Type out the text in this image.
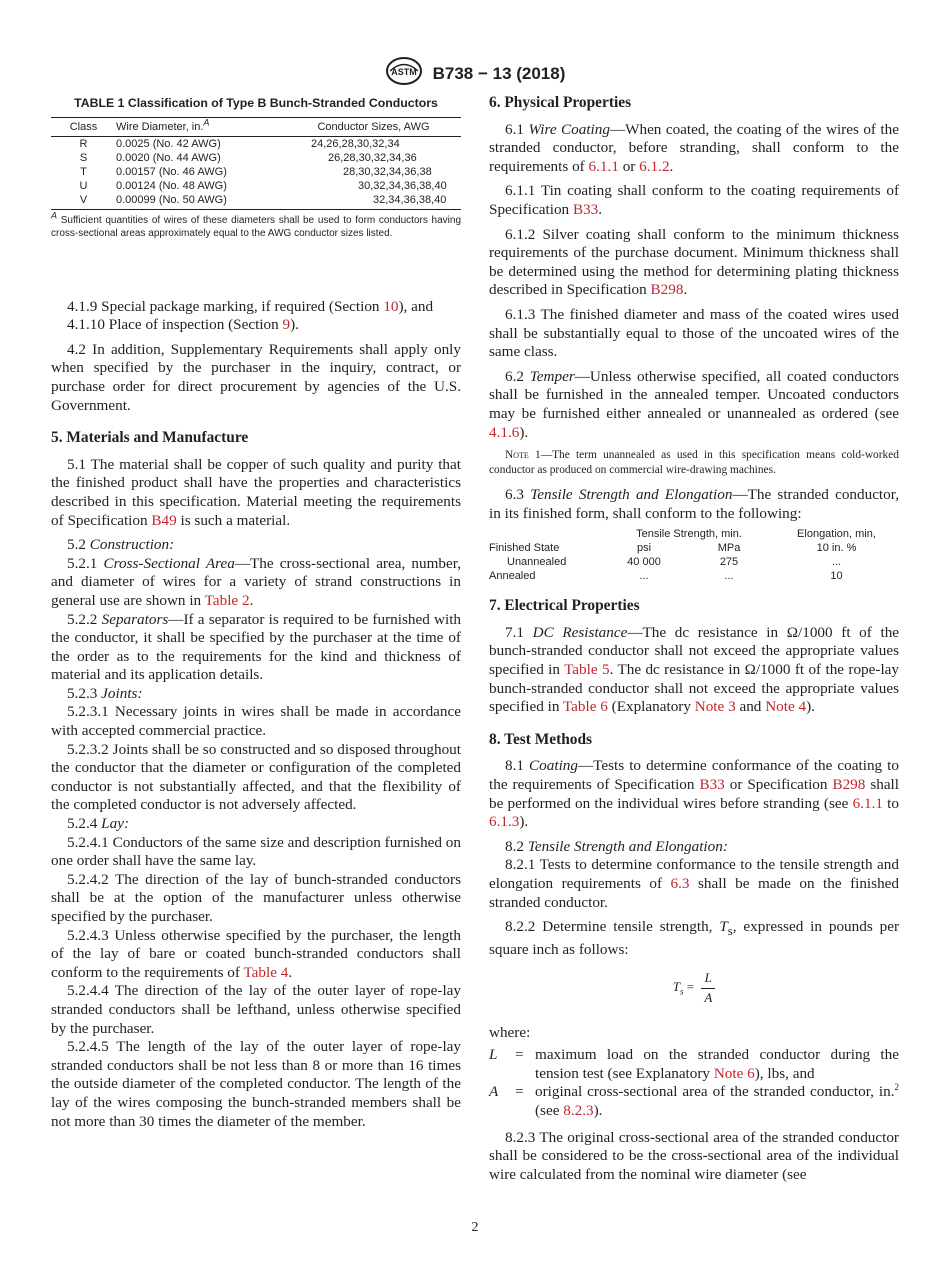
ASTM B738 − 13 (2018)
TABLE 1 Classification of Type B Bunch-Stranded Conductors
Class	Wire Diameter, in.$^A$	Conductor Sizes, AWG
R	0.0025 (No. 42 AWG)	24,26,28,30,32,34
S	0.0020 (No. 44 AWG)	26,28,30,32,34,36
T	0.00157 (No. 46 AWG)	28,30,32,34,36,38
U	0.00124 (No. 48 AWG)	30,32,34,36,38,40
V	0.00099 (No. 50 AWG)	32,34,36,38,40
$^A$ Sufficient quantities of wires of these diameters shall be used to form conductors having cross-sectional areas approximately equal to the AWG conductor sizes listed.

4.1.9 Special package marking, if required (Section 10), and

4.1.10 Place of inspection (Section 9).

4.2 In addition, Supplementary Requirements shall apply only when specified by the purchaser in the inquiry, contract, or purchase order for direct procurement by agencies of the U.S. Government.

5. Materials and Manufacture

5.1 The material shall be copper of such quality and purity that the finished product shall have the properties and characteristics described in this specification. Material meeting the requirements of Specification B49 is such a material.

5.2 Construction:

5.2.1 Cross-Sectional Area—The cross-sectional area, number, and diameter of wires for a variety of strand constructions in general use are shown in Table 2.

5.2.2 Separators—If a separator is required to be furnished with the conductor, it shall be specified by the purchaser at the time of the order as to the requirements for the kind and thickness of material and its application details.

5.2.3 Joints:

5.2.3.1 Necessary joints in wires shall be made in accordance with accepted commercial practice.

5.2.3.2 Joints shall be so constructed and so disposed throughout the conductor that the diameter or configuration of the completed conductor is not substantially affected, and that the flexibility of the completed conductor is not adversely affected.

5.2.4 Lay:

5.2.4.1 Conductors of the same size and description furnished on one order shall have the same lay.

5.2.4.2 The direction of the lay of bunch-stranded conductors shall be at the option of the manufacturer unless otherwise specified by the purchaser.

5.2.4.3 Unless otherwise specified by the purchaser, the length of the lay of bare or coated bunch-stranded conductors shall conform to the requirements of Table 4.

5.2.4.4 The direction of the lay of the outer layer of rope-lay stranded conductors shall be lefthand, unless otherwise specified by the purchaser.

5.2.4.5 The length of the lay of the outer layer of rope-lay stranded conductors shall be not less than 8 or more than 16 times the outside diameter of the completed conductor. The length of the lay of the wires composing the bunch-stranded members shall be not more than 30 times the diameter of the member.

6. Physical Properties

6.1 Wire Coating—When coated, the coating of the wires of the stranded conductor, before stranding, shall conform to the requirements of 6.1.1 or 6.1.2.

6.1.1 Tin coating shall conform to the coating requirements of Specification B33.

6.1.2 Silver coating shall conform to the minimum thickness requirements of the purchase document. Minimum thickness shall be determined using the method for determining plating thickness described in Specification B298.

6.1.3 The finished diameter and mass of the coated wires used shall be substantially equal to those of the uncoated wires of the same class.

6.2 Temper—Unless otherwise specified, all coated conductors shall be furnished in the annealed temper. Uncoated conductors may be furnished either annealed or unannealed as ordered (see 4.1.6).

Note 1—The term unannealed as used in this specification means cold-worked conductor as produced on commercial wire-drawing machines.

6.3 Tensile Strength and Elongation—The stranded conductor, in its finished form, shall conform to the following:

	Tensile Strength, min.		Elongation, min,
Finished State	psi	MPa	10 in. %
Unannealed	40 000	275	...
Annealed	...	...	10
7. Electrical Properties

7.1 DC Resistance—The dc resistance in Ω/1000 ft of the bunch-stranded conductor shall not exceed the appropriate values specified in Table 5. The dc resistance in Ω/1000 ft of the rope-lay bunch-stranded conductor shall not exceed the appropriate values specified in Table 6 (Explanatory Note 3 and Note 4).

8. Test Methods

8.1 Coating—Tests to determine conformance of the coating to the requirements of Specification B33 or Specification B298 shall be performed on the individual wires before stranding (see 6.1.1 to 6.1.3).

8.2 Tensile Strength and Elongation:

8.2.1 Tests to determine conformance to the tensile strength and elongation requirements of 6.3 shall be made on the finished stranded conductor.

8.2.2 Determine tensile strength, $T_s$, expressed in pounds per square inch as follows:

$T_s = \frac{L}{A}$

where:

L	= maximum load on the stranded conductor during the tension test (see Explanatory Note 6), lbs, and
A	= original cross-sectional area of the stranded conductor, in.$^2$ (see 8.2.3).

8.2.3 The original cross-sectional area of the stranded conductor shall be considered to be the cross-sectional area of the individual wire calculated from the nominal wire diameter (see

2
